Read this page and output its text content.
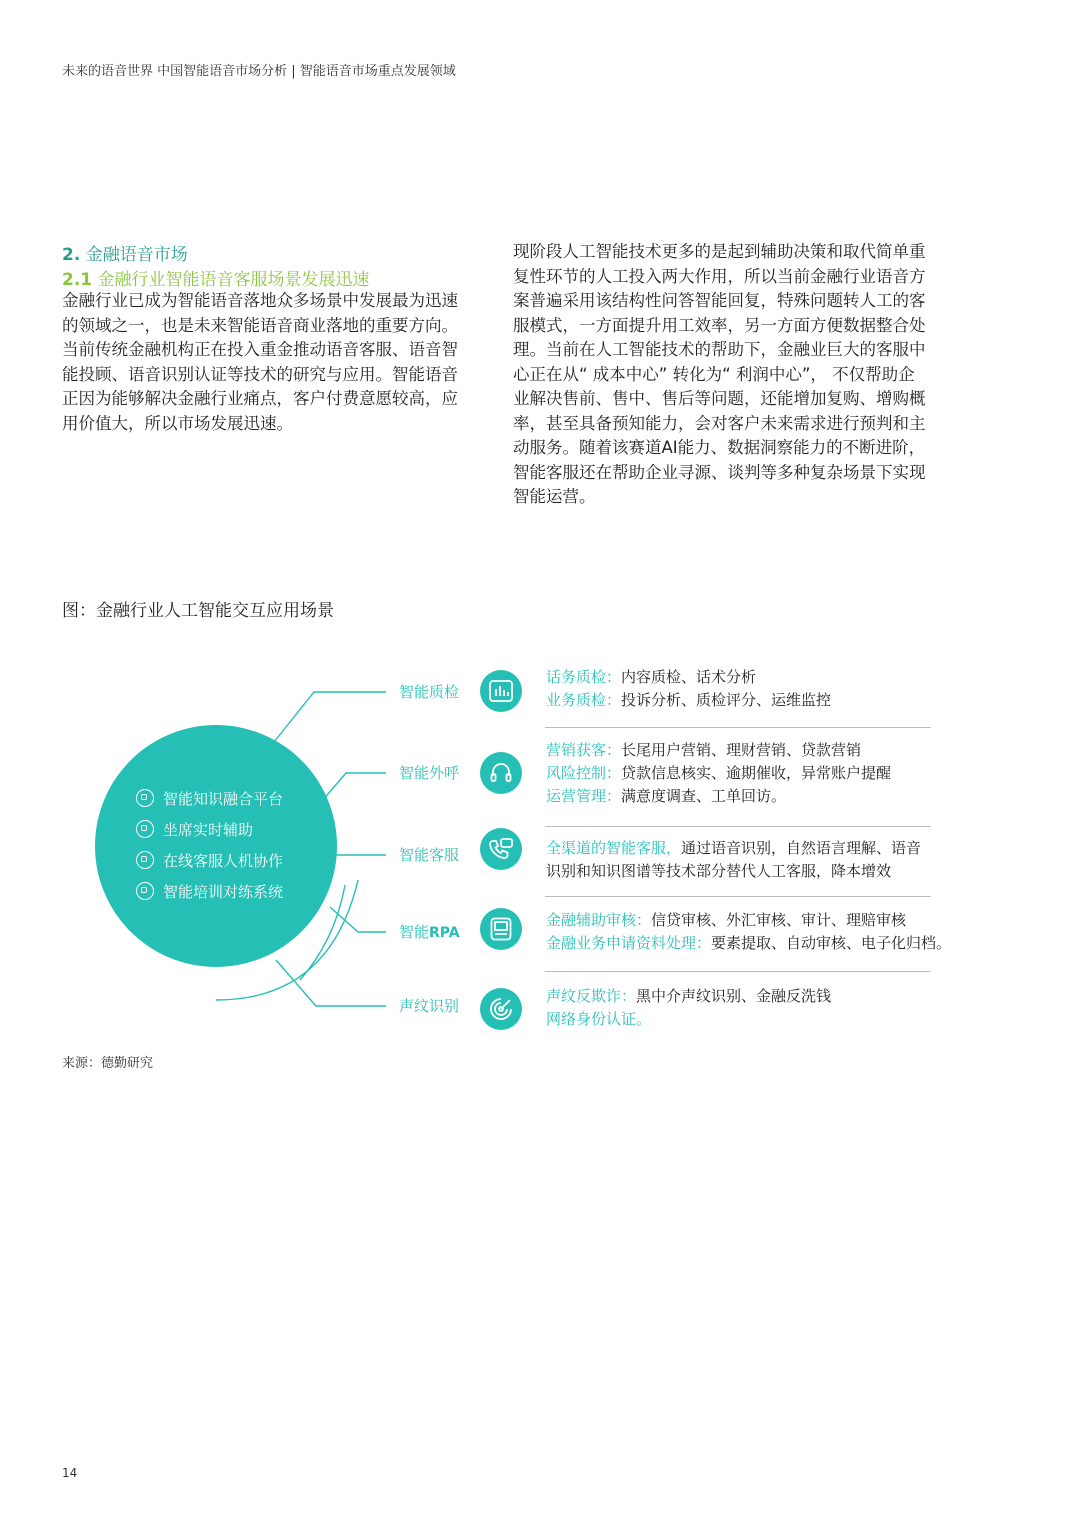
未来的语音世界 中国智能语音市场分析 | 智能语音市场重点发展领域
2. 金融语音市场
2.1 金融行业智能语音客服场景发展迅速
金融行业已成为智能语音落地众多场景中发展最为迅速
的领域之一，也是未来智能语音商业落地的重要方向。
当前传统金融机构正在投入重金推动语音客服、语音智
能投顾、语音识别认证等技术的研究与应用。智能语音
正因为能够解决金融行业痛点，客户付费意愿较高，应
用价值大，所以市场发展迅速。
现阶段人工智能技术更多的是起到辅助决策和取代简单重
复性环节的人工投入两大作用，所以当前金融行业语音方
案普遍采用该结构性问答智能回复，特殊问题转人工的客
服模式，一方面提升用工效率，另一方面方便数据整合处
理。当前在人工智能技术的帮助下，金融业巨大的客服中
心正在从“ 成本中心” 转化为“ 利润中心”， 不仅帮助企
业解决售前、售中、售后等问题，还能增加复购、增购概
率，甚至具备预知能力，会对客户未来需求进行预判和主
动服务。随着该赛道AI能力、数据洞察能力的不断进阶，
智能客服还在帮助企业寻源、谈判等多种复杂场景下实现
智能运营。
图：金融行业人工智能交互应用场景
智能知识融合平台
坐席实时辅助
在线客服人机协作
智能培训对练系统
智能质检
智能外呼
智能客服
智能RPA
声纹识别
话务质检：内容质检、话术分析
业务质检：投诉分析、质检评分、运维监控
营销获客：长尾用户营销、理财营销、贷款营销
风险控制：贷款信息核实、逾期催收，异常账户提醒
运营管理：满意度调查、工单回访。
全渠道的智能客服，通过语音识别，自然语言理解、语音
识别和知识图谱等技术部分替代人工客服，降本增效
金融辅助审核：信贷审核、外汇审核、审计、理赔审核
金融业务申请资料处理：要素提取、自动审核、电子化归档。
声纹反欺诈：黑中介声纹识别、金融反洗钱
网络身份认证。
来源：德勤研究
14
